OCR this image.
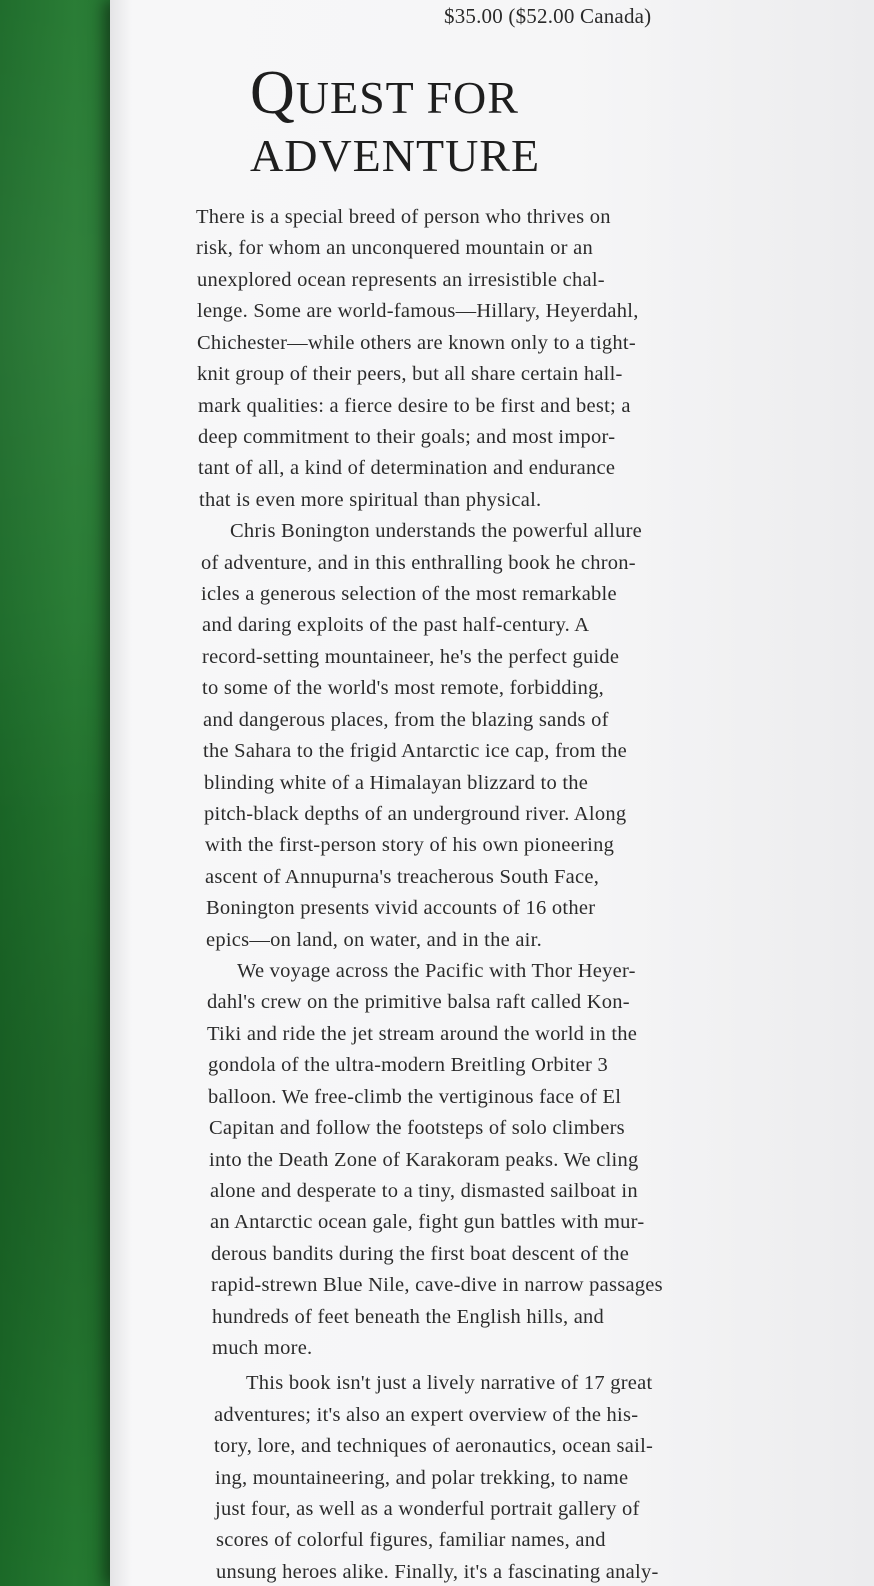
$35.00 ($52.00 Canada)
QUEST FOR
ADVENTURE
There is a special breed of person who thrives on
risk, for whom an unconquered mountain or an
unexplored ocean represents an irresistible chal-
lenge. Some are world-famous—Hillary, Heyerdahl,
Chichester—while others are known only to a tight-
knit group of their peers, but all share certain hall-
mark qualities: a fierce desire to be first and best; a
deep commitment to their goals; and most impor-
tant of all, a kind of determination and endurance
that is even more spiritual than physical.
Chris Bonington understands the powerful allure
of adventure, and in this enthralling book he chron-
icles a generous selection of the most remarkable
and daring exploits of the past half-century. A
record-setting mountaineer, he's the perfect guide
to some of the world's most remote, forbidding,
and dangerous places, from the blazing sands of
the Sahara to the frigid Antarctic ice cap, from the
blinding white of a Himalayan blizzard to the
pitch-black depths of an underground river. Along
with the first-person story of his own pioneering
ascent of Annupurna's treacherous South Face,
Bonington presents vivid accounts of 16 other
epics—on land, on water, and in the air.
We voyage across the Pacific with Thor Heyer-
dahl's crew on the primitive balsa raft called Kon-
Tiki and ride the jet stream around the world in the
gondola of the ultra-modern Breitling Orbiter 3
balloon. We free-climb the vertiginous face of El
Capitan and follow the footsteps of solo climbers
into the Death Zone of Karakoram peaks. We cling
alone and desperate to a tiny, dismasted sailboat in
an Antarctic ocean gale, fight gun battles with mur-
derous bandits during the first boat descent of the
rapid-strewn Blue Nile, cave-dive in narrow passages
hundreds of feet beneath the English hills, and
much more.
This book isn't just a lively narrative of 17 great
adventures; it's also an expert overview of the his-
tory, lore, and techniques of aeronautics, ocean sail-
ing, mountaineering, and polar trekking, to name
just four, as well as a wonderful portrait gallery of
scores of colorful figures, familiar names, and
unsung heroes alike. Finally, it's a fascinating analy-
